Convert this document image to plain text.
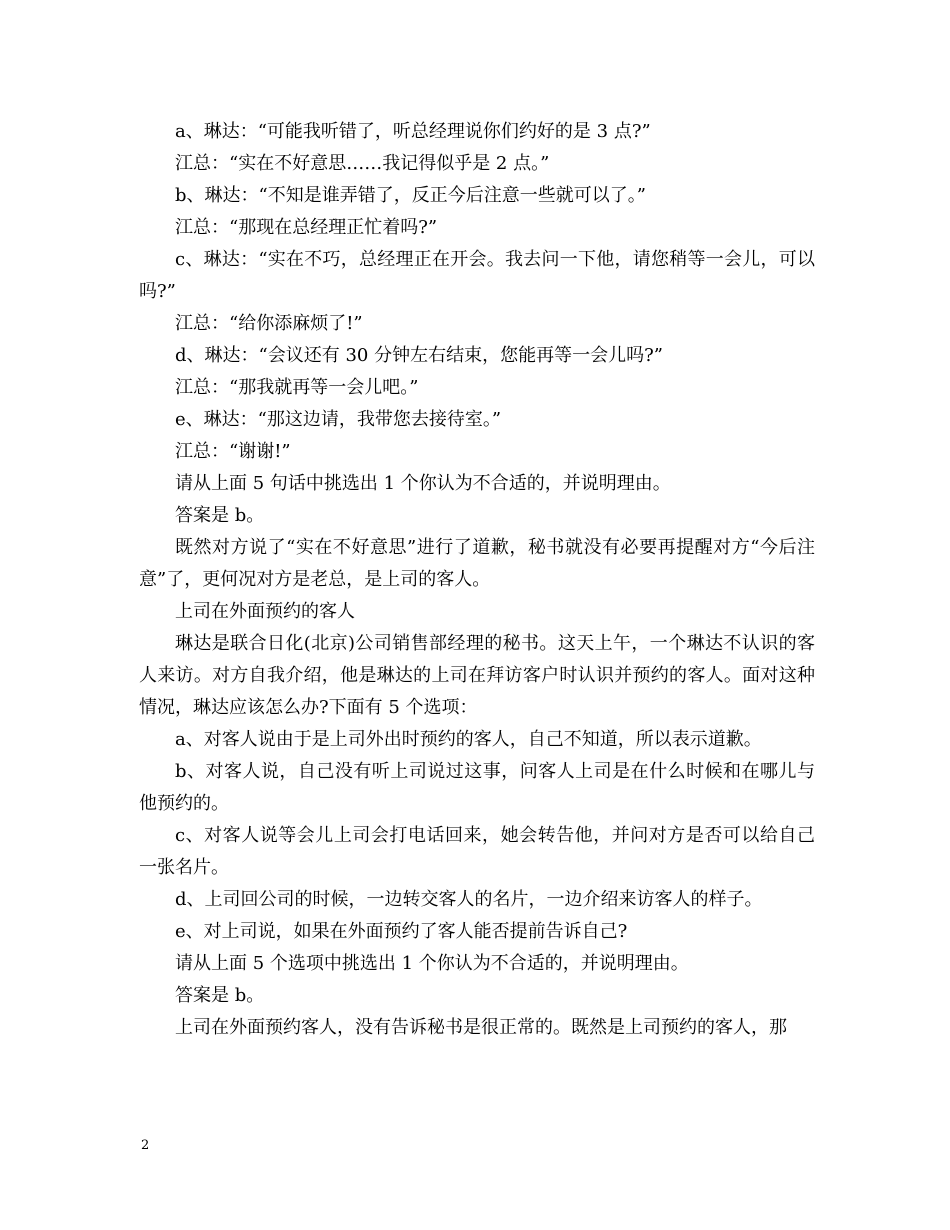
a、琳达：“可能我听错了，听总经理说你们约好的是 3 点?”

江总：“实在不好意思……我记得似乎是 2 点。”

b、琳达：“不知是谁弄错了，反正今后注意一些就可以了。”

江总：“那现在总经理正忙着吗?”

c、琳达：“实在不巧，总经理正在开会。我去问一下他，请您稍等一会儿，可以吗?”

江总：“给你添麻烦了!”

d、琳达：“会议还有 30 分钟左右结束，您能再等一会儿吗?”

江总：“那我就再等一会儿吧。”

e、琳达：“那这边请，我带您去接待室。”

江总：“谢谢!”

请从上面 5 句话中挑选出 1 个你认为不合适的，并说明理由。

答案是 b。

既然对方说了“实在不好意思”进行了道歉，秘书就没有必要再提醒对方“今后注意”了，更何况对方是老总，是上司的客人。

上司在外面预约的客人

琳达是联合日化(北京)公司销售部经理的秘书。这天上午，一个琳达不认识的客人来访。对方自我介绍，他是琳达的上司在拜访客户时认识并预约的客人。面对这种情况，琳达应该怎么办?下面有 5 个选项：

a、对客人说由于是上司外出时预约的客人，自己不知道，所以表示道歉。

b、对客人说，自己没有听上司说过这事，问客人上司是在什么时候和在哪儿与他预约的。

c、对客人说等会儿上司会打电话回来，她会转告他，并问对方是否可以给自己一张名片。

d、上司回公司的时候，一边转交客人的名片，一边介绍来访客人的样子。

e、对上司说，如果在外面预约了客人能否提前告诉自己?

请从上面 5 个选项中挑选出 1 个你认为不合适的，并说明理由。

答案是 b。

上司在外面预约客人，没有告诉秘书是很正常的。既然是上司预约的客人，那

2
